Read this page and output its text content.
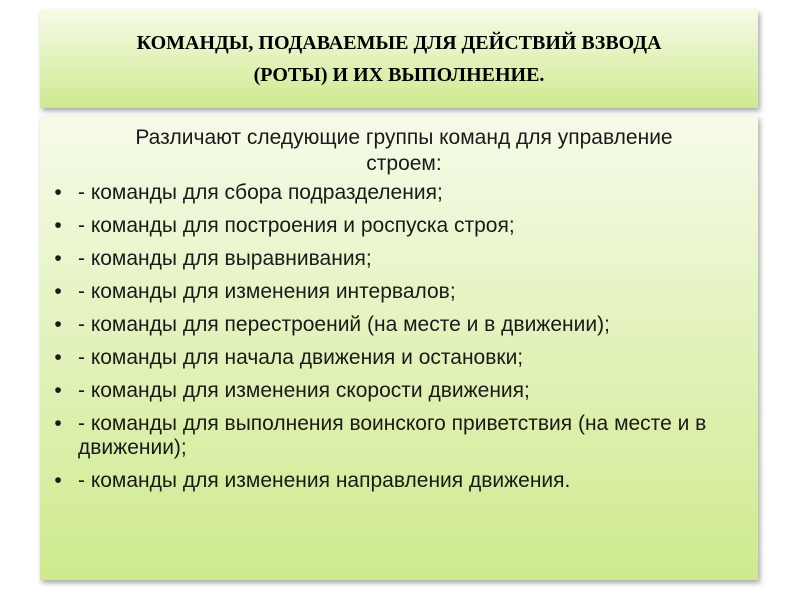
КОМАНДЫ, ПОДАВАЕМЫЕ ДЛЯ ДЕЙСТВИЙ ВЗВОДА
(РОТЫ) И ИХ ВЫПОЛНЕНИЕ.
Различают следующие группы команд для управление
строем:
• - команды для сбора подразделения;
• - команды для построения и роспуска строя;
• - команды для выравнивания;
• - команды для изменения интервалов;
• - команды для перестроений (на месте и в движении);
• - команды для начала движения и остановки;
• - команды для изменения скорости движения;
• - команды для выполнения воинского приветствия (на месте и в движении);
• - команды для изменения направления движения.
